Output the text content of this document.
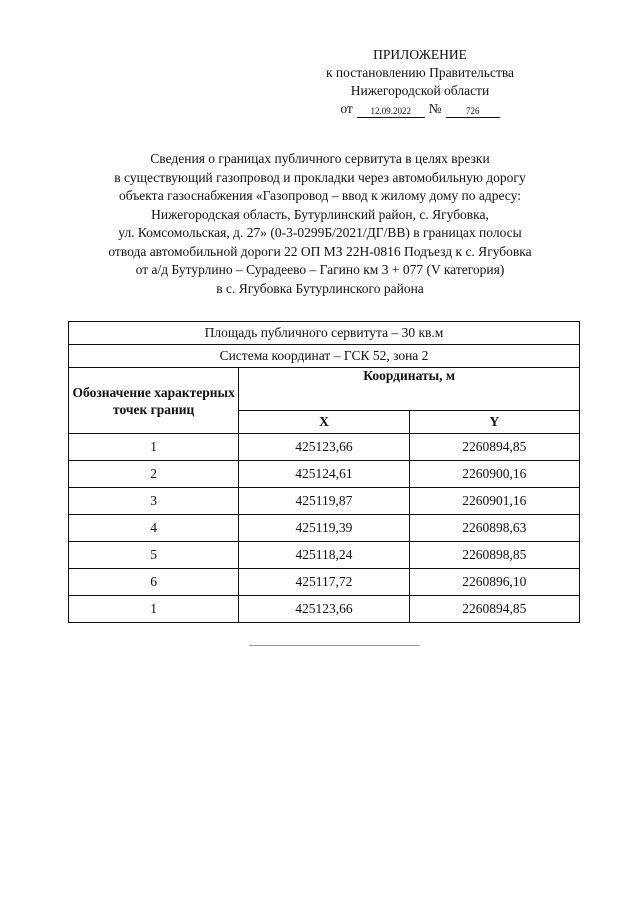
ПРИЛОЖЕНИЕ
к постановлению Правительства
Нижегородской области
от	12.09.2022	№	726
Сведения о границах публичного сервитута в целях врезки
в существующий газопровод и прокладки через автомобильную дорогу
объекта газоснабжения «Газопровод – ввод к жилому дому по адресу:
Нижегородская область, Бутурлинский район, с. Ягубовка,
ул. Комсомольская, д. 27» (0-3-0299Б/2021/ДГ/ВВ) в границах полосы
отвода автомобильной дороги 22 ОП МЗ 22Н-0816 Подъезд к с. Ягубовка
от а/д Бутурлино – Сурадеево – Гагино км 3 + 077 (V категория)
в с. Ягубовка Бутурлинского района
Площадь публичного сервитута – 30 кв.м		
Система координат – ГСК 52, зона 2		
Обозначение характерных точек границ	Координаты, м	
	X	Y
1	425123,66	2260894,85
2	425124,61	2260900,16
3	425119,87	2260901,16
4	425119,39	2260898,63
5	425118,24	2260898,85
6	425117,72	2260896,10
1	425123,66	2260894,85
